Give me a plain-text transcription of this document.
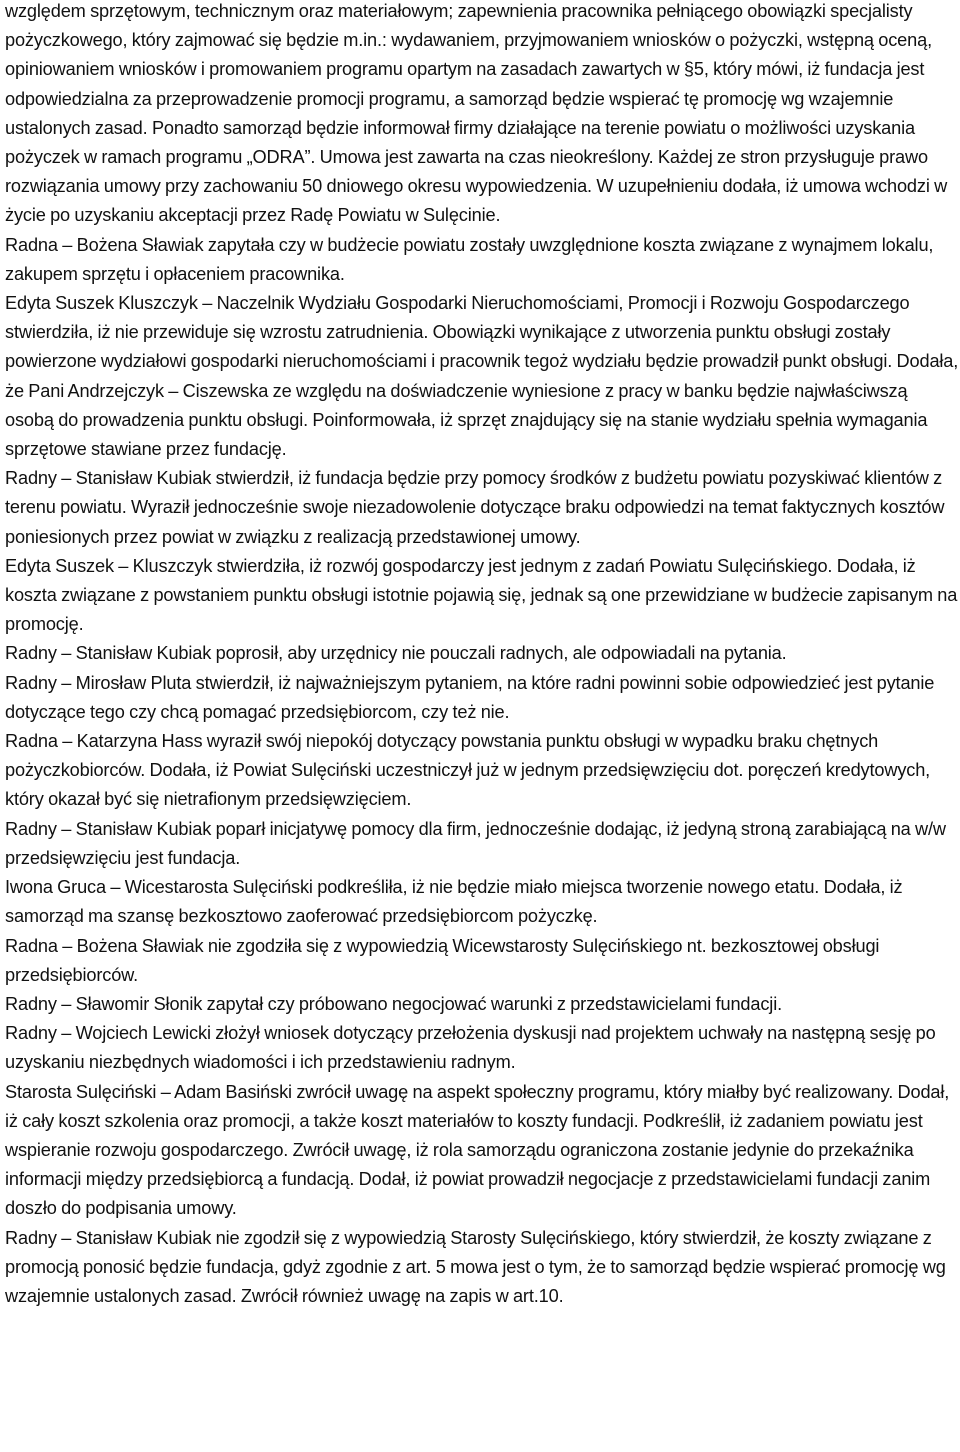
względem sprzętowym, technicznym oraz materiałowym; zapewnienia pracownika pełniącego obowiązki specjalisty pożyczkowego, który zajmować się będzie m.in.: wydawaniem, przyjmowaniem wniosków o pożyczki, wstępną oceną, opiniowaniem wniosków i promowaniem programu opartym na zasadach zawartych w §5, który mówi, iż fundacja jest odpowiedzialna za przeprowadzenie promocji programu, a samorząd będzie wspierać tę promocję wg wzajemnie ustalonych zasad. Ponadto samorząd będzie informował firmy działające na terenie powiatu o możliwości uzyskania pożyczek w ramach programu „ODRA”. Umowa jest zawarta na czas nieokreślony. Każdej ze stron przysługuje prawo rozwiązania umowy przy zachowaniu 50 dniowego okresu wypowiedzenia. W uzupełnieniu dodała, iż umowa wchodzi w życie po uzyskaniu akceptacji przez Radę Powiatu w Sulęcinie.

Radna – Bożena Sławiak zapytała czy w budżecie powiatu zostały uwzględnione koszta związane z wynajmem lokalu, zakupem sprzętu i opłaceniem pracownika.

Edyta Suszek Kluszczyk – Naczelnik Wydziału Gospodarki Nieruchomościami, Promocji i Rozwoju Gospodarczego stwierdziła, iż nie przewiduje się wzrostu zatrudnienia. Obowiązki wynikające z utworzenia punktu obsługi zostały powierzone wydziałowi gospodarki nieruchomościami i pracownik tegoż wydziału będzie prowadził punkt obsługi. Dodała, że Pani Andrzejczyk – Ciszewska ze względu na doświadczenie wyniesione z pracy w banku będzie najwłaściwszą osobą do prowadzenia punktu obsługi. Poinformowała, iż sprzęt znajdujący się na stanie wydziału spełnia wymagania sprzętowe stawiane przez fundację.

Radny – Stanisław Kubiak stwierdził, iż fundacja będzie przy pomocy środków z budżetu powiatu pozyskiwać klientów z terenu powiatu. Wyraził jednocześnie swoje niezadowolenie dotyczące braku odpowiedzi na temat faktycznych kosztów poniesionych przez powiat w związku z realizacją przedstawionej umowy.

Edyta Suszek – Kluszczyk stwierdziła, iż rozwój gospodarczy jest jednym z zadań Powiatu Sulęcińskiego. Dodała, iż koszta związane z powstaniem punktu obsługi istotnie pojawią się, jednak są one przewidziane w budżecie zapisanym na promocję.

Radny – Stanisław Kubiak poprosił, aby urzędnicy nie pouczali radnych, ale odpowiadali na pytania.

Radny – Mirosław Pluta stwierdził, iż najważniejszym pytaniem, na które radni powinni sobie odpowiedzieć jest pytanie dotyczące tego czy chcą pomagać przedsiębiorcom, czy też nie.

Radna – Katarzyna Hass wyraził swój niepokój dotyczący powstania punktu obsługi w wypadku braku chętnych pożyczkobiorców. Dodała, iż Powiat Sulęciński uczestniczył już w jednym przedsięwzięciu dot. poręczeń kredytowych, który okazał być się nietrafionym przedsięwzięciem.

Radny – Stanisław Kubiak poparł inicjatywę pomocy dla firm, jednocześnie dodając, iż jedyną stroną zarabiającą na w/w przedsięwzięciu jest fundacja.

Iwona Gruca – Wicestarosta Sulęciński podkreśliła, iż nie będzie miało miejsca tworzenie nowego etatu. Dodała, iż samorząd ma szansę bezkosztowo zaoferować przedsiębiorcom pożyczkę.

Radna – Bożena Sławiak nie zgodziła się z wypowiedzią Wicewstarosty Sulęcińskiego nt. bezkosztowej obsługi przedsiębiorców.

Radny – Sławomir Słonik zapytał czy próbowano negocjować warunki z przedstawicielami fundacji.

Radny – Wojciech Lewicki złożył wniosek dotyczący przełożenia dyskusji nad projektem uchwały na następną sesję po uzyskaniu niezbędnych wiadomości i ich przedstawieniu radnym.

Starosta Sulęciński – Adam Basiński zwrócił uwagę na aspekt społeczny programu, który miałby być realizowany. Dodał, iż cały koszt szkolenia oraz promocji, a także koszt materiałów to koszty fundacji. Podkreślił, iż zadaniem powiatu jest wspieranie rozwoju gospodarczego. Zwrócił uwagę, iż rola samorządu ograniczona zostanie jedynie do przekaźnika informacji między przedsiębiorcą a fundacją. Dodał, iż powiat prowadził negocjacje z przedstawicielami fundacji zanim doszło do podpisania umowy.

Radny – Stanisław Kubiak nie zgodził się z wypowiedzią Starosty Sulęcińskiego, który stwierdził, że koszty związane z promocją ponosić będzie fundacja, gdyż zgodnie z art. 5 mowa jest o tym, że to samorząd będzie wspierać promocję wg wzajemnie ustalonych zasad. Zwrócił również uwagę na zapis w art.10.
